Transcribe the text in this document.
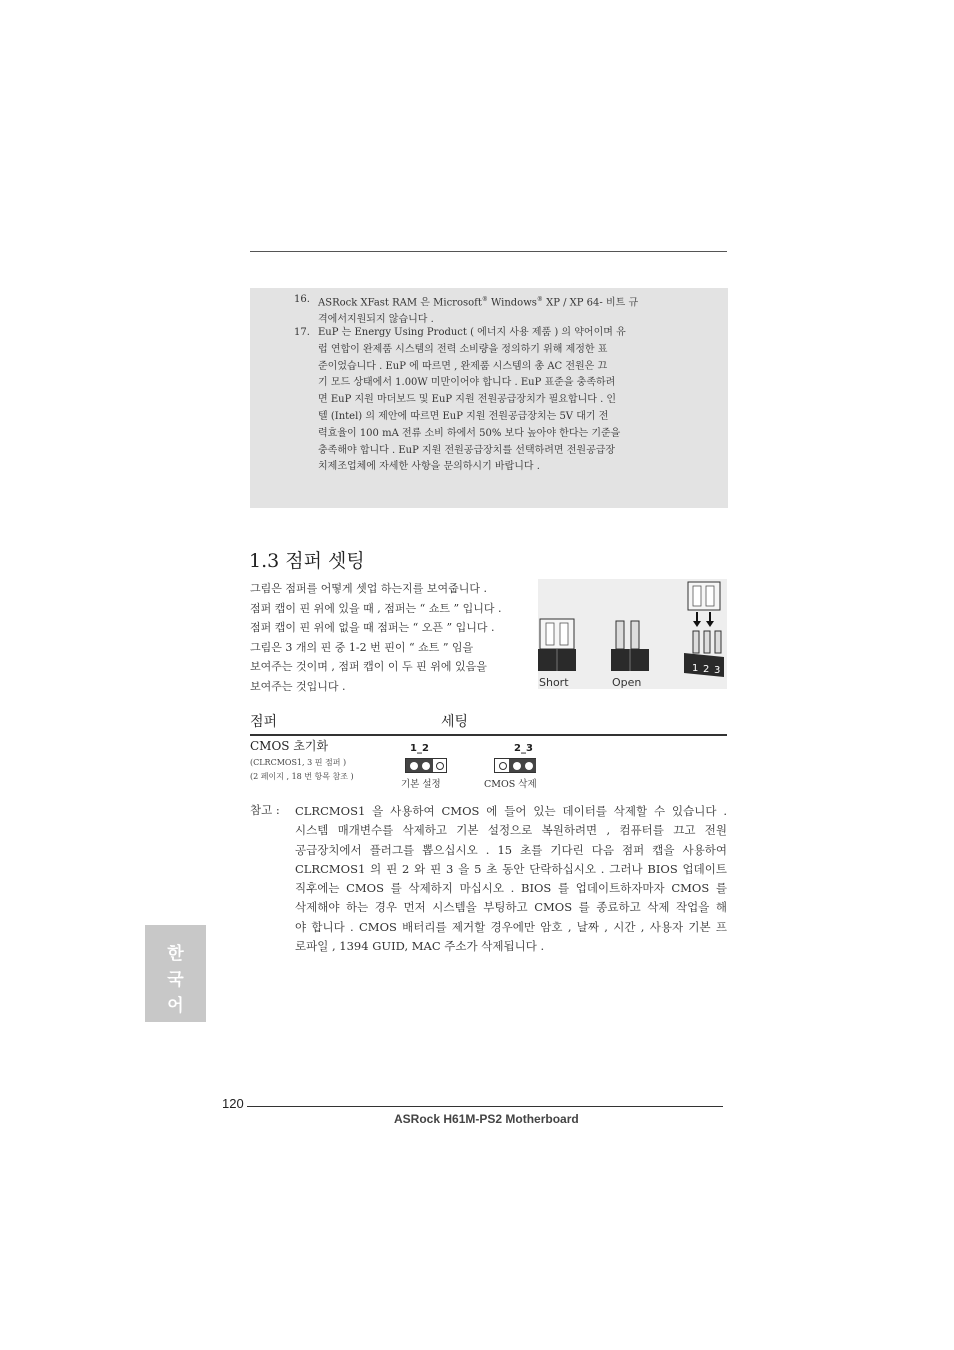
16. ASRock XFast RAM 은 Microsoft® Windows® XP / XP 64- 비트 규
격에서지원되지 않습니다 .
17. EuP 는 Energy Using Product ( 에너지 사용 제품 ) 의 약어이며 유
럽 연합이 완제품 시스템의 전력 소비량을 정의하기 위해 제정한 표
준이었습니다 . EuP 에 따르면 , 완제품 시스템의 총 AC 전원은 끄
기 모드 상태에서 1.00W 미만이어야 합니다 . EuP 표준을 충족하려
면 EuP 지원 마더보드 및 EuP 지원 전원공급장치가 필요합니다 . 인
텔 (Intel) 의 제안에 따르면 EuP 지원 전원공급장치는 5V 대기 전
력효율이 100 mA 전류 소비 하에서 50% 보다 높아야 한다는 기준을
충족해야 합니다 . EuP 지원 전원공급장치를 선택하려면 전원공급장
치제조업체에 자세한 사항을 문의하시기 바랍니다 .
1.3 점퍼 셋팅
그림은 점퍼를 어떻게 셋업 하는지를 보여줍니다 .
점퍼 캡이 핀 위에 있을 때 , 점퍼는 “ 쇼트 ” 입니다 .
점퍼 캡이 핀 위에 없을 때 점퍼는 “ 오픈 ” 입니다 .
그림은 3 개의 핀 중 1-2 번 핀이 “ 쇼트 ” 임을
보여주는 것이며 , 점퍼 캡이 이 두 핀 위에 있음을
보여주는 것입니다 .
1 2 3
Short	Open
점퍼	세팅
CMOS 초기화
(CLRCMOS1, 3 핀 점퍼 )
(2 페이지 , 18 번 항목 참조 )
1_2
기본 설정
2_3
CMOS 삭제
참고 : CLRCMOS1 을 사용하여 CMOS 에 들어 있는 데이터를 삭제할 수 있습니다 .
시스템 매개변수를 삭제하고 기본 설정으로 복원하려면 , 컴퓨터를 끄고 전원
공급장치에서 플러그를 뽑으십시오 . 15 초를 기다린 다음 점퍼 캡을 사용하여
CLRCMOS1 의 핀 2 와 핀 3 을 5 초 동안 단락하십시오 . 그러나 BIOS 업데이트
직후에는 CMOS 를 삭제하지 마십시오 . BIOS 를 업데이트하자마자 CMOS 를
삭제해야 하는 경우 먼저 시스템을 부팅하고 CMOS 를 종료하고 삭제 작업을 해
야 합니다 . CMOS 배터리를 제거할 경우에만 암호 , 날짜 , 시간 , 사용자 기본 프
로파일 , 1394 GUID, MAC 주소가 삭제됩니다 .
한
국
어
120
ASRock H61M-PS2 Motherboard
